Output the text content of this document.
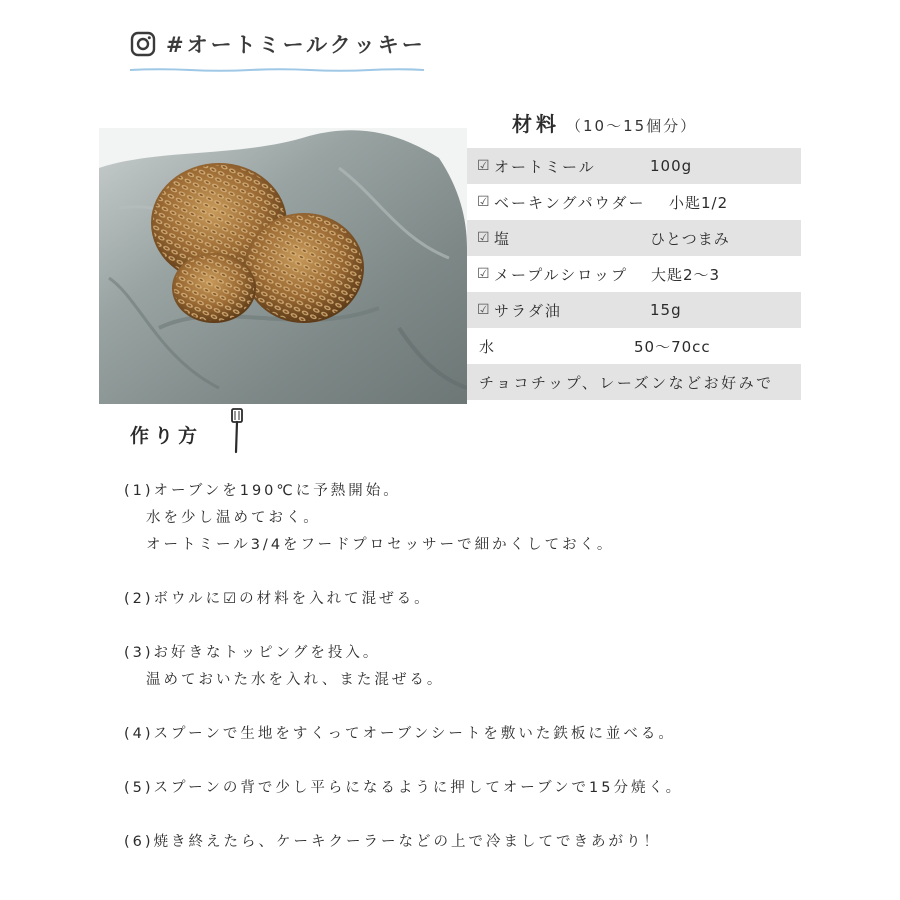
#オートミールクッキー
材料 （10～15個分）
☑ オートミール	100g
☑ ベーキングパウダー 小匙1/2
☑ 塩	ひとつまみ
☑ メープルシロップ 大匙2～3
☑ サラダ油	15g
水	50～70cc
チョコチップ、レーズンなどお好みで
作り方
(1)オーブンを190℃に予熱開始。
水を少し温めておく。
オートミール3/4をフードプロセッサーで細かくしておく。
(2)ボウルに☑の材料を入れて混ぜる。
(3)お好きなトッピングを投入。
温めておいた水を入れ、また混ぜる。
(4)スプーンで生地をすくってオーブンシートを敷いた鉄板に並べる。
(5)スプーンの背で少し平らになるように押してオーブンで15分焼く。
(6)焼き終えたら、ケーキクーラーなどの上で冷ましてできあがり！
